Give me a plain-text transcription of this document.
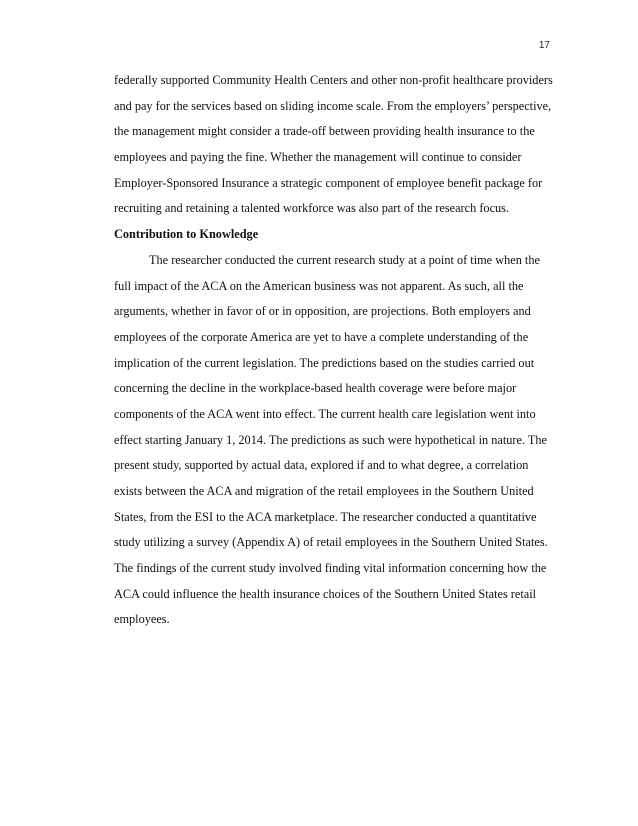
17
federally supported Community Health Centers and other non-profit healthcare providers
and pay for the services based on sliding income scale. From the employers’ perspective,
the management might consider a trade-off between providing health insurance to the
employees and paying the fine. Whether the management will continue to consider
Employer-Sponsored Insurance a strategic component of employee benefit package for
recruiting and retaining a talented workforce was also part of the research focus.
Contribution to Knowledge
The researcher conducted the current research study at a point of time when the
full impact of the ACA on the American business was not apparent. As such, all the
arguments, whether in favor of or in opposition, are projections. Both employers and
employees of the corporate America are yet to have a complete understanding of the
implication of the current legislation. The predictions based on the studies carried out
concerning the decline in the workplace-based health coverage were before major
components of the ACA went into effect. The current health care legislation went into
effect starting January 1, 2014. The predictions as such were hypothetical in nature. The
present study, supported by actual data, explored if and to what degree, a correlation
exists between the ACA and migration of the retail employees in the Southern United
States, from the ESI to the ACA marketplace. The researcher conducted a quantitative
study utilizing a survey (Appendix A) of retail employees in the Southern United States.
The findings of the current study involved finding vital information concerning how the
ACA could influence the health insurance choices of the Southern United States retail
employees.
